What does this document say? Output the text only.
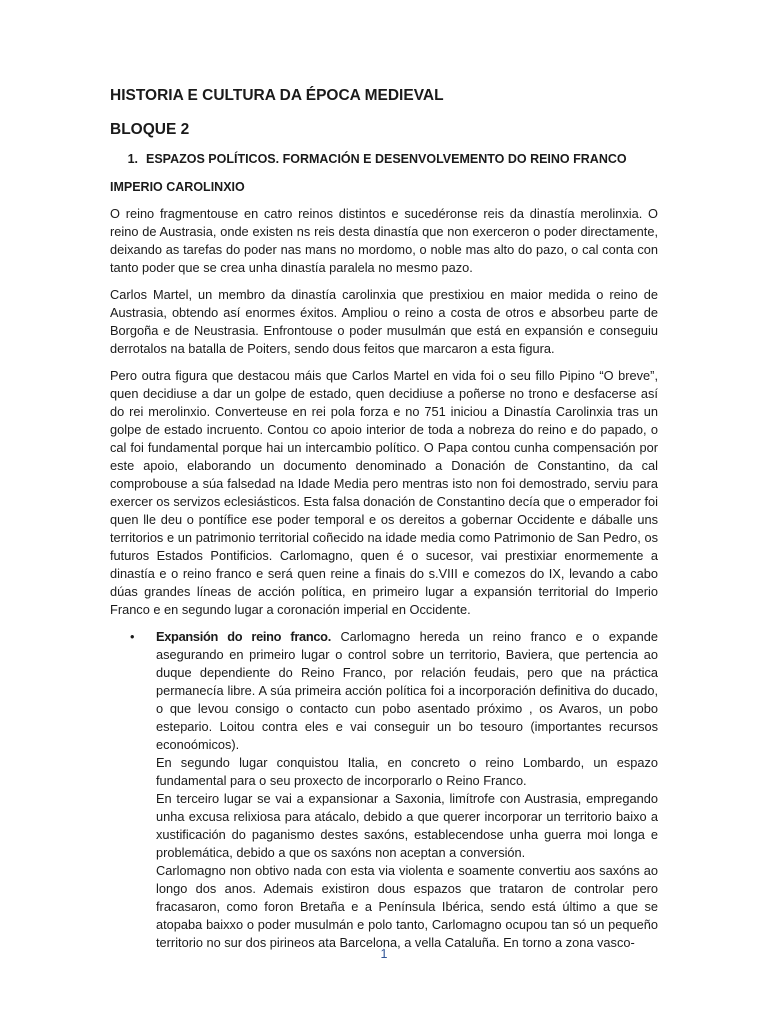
HISTORIA E CULTURA DA ÉPOCA MEDIEVAL
BLOQUE 2
1. ESPAZOS POLÍTICOS. FORMACIÓN E DESENVOLVEMENTO DO REINO FRANCO
IMPERIO CAROLINXIO

O reino fragmentouse en catro reinos distintos e sucedéronse reis da dinastía merolinxia. O reino de Austrasia, onde existen ns reis desta dinastía que non exerceron o poder directamente, deixando as tarefas do poder nas mans no mordomo, o noble mas alto do pazo, o cal conta con tanto poder que se crea unha dinastía paralela no mesmo pazo.

Carlos Martel, un membro da dinastía carolinxia que prestixiou en maior medida o reino de Austrasia, obtendo así enormes éxitos. Ampliou o reino a costa de otros e absorbeu parte de Borgoña e de Neustrasia. Enfrontouse o poder musulmán que está en expansión e conseguiu derrotalos na batalla de Poiters, sendo dous feitos que marcaron a esta figura.

Pero outra figura que destacou máis que Carlos Martel en vida foi o seu fillo Pipino “O breve”, quen decidiuse a dar un golpe de estado, quen decidiuse a poñerse no trono e desfacerse así do rei merolinxio. Converteuse en rei pola forza e no 751 iniciou a Dinastía Carolinxia tras un golpe de estado incruento. Contou co apoio interior de toda a nobreza do reino e do papado, o cal foi fundamental porque hai un intercambio político. O Papa contou cunha compensación por este apoio, elaborando un documento denominado a Donación de Constantino, da cal comprobouse a súa falsedad na Idade Media pero mentras isto non foi demostrado, serviu para exercer os servizos eclesiásticos. Esta falsa donación de Constantino decía que o emperador foi quen lle deu o pontífice ese poder temporal e os dereitos a gobernar Occidente e dáballe uns territorios e un patrimonio territorial coñecido na idade media como Patrimonio de San Pedro, os futuros Estados Pontificios. Carlomagno, quen é o sucesor, vai prestixiar enormemente a dinastía e o reino franco e será quen reine a finais do s.VIII e comezos do IX, levando a cabo dúas grandes líneas de acción política, en primeiro lugar a expansión territorial do Imperio Franco e en segundo lugar a coronación imperial en Occidente.

• Expansión do reino franco. Carlomagno hereda un reino franco e o expande asegurando en primeiro lugar o control sobre un territorio, Baviera, que pertencia ao duque dependiente do Reino Franco, por relación feudais, pero que na práctica permanecía libre. A súa primeira acción política foi a incorporación definitiva do ducado, o que levou consigo o contacto cun pobo asentado próximo , os Avaros, un pobo estepario. Loitou contra eles e vai conseguir un bo tesouro (importantes recursos econoómicos).

En segundo lugar conquistou Italia, en concreto o reino Lombardo, un espazo fundamental para o seu proxecto de incorporarlo o Reino Franco.

En terceiro lugar se vai a expansionar a Saxonia, limítrofe con Austrasia, empregando unha excusa relixiosa para atácalo, debido a que querer incorporar un territorio baixo a xustificación do paganismo destes saxóns, establecendose unha guerra moi longa e problemática, debido a que os saxóns non aceptan a conversión.

Carlomagno non obtivo nada con esta via violenta e soamente convertiu aos saxóns ao longo dos anos. Ademais existiron dous espazos que trataron de controlar pero fracasaron, como foron Bretaña e a Península Ibérica, sendo está último a que se atopaba baixxo o poder musulmán e polo tanto, Carlomagno ocupou tan só un pequeño territorio no sur dos pirineos ata Barcelona, a vella Cataluña. En torno a zona vasco-

1
